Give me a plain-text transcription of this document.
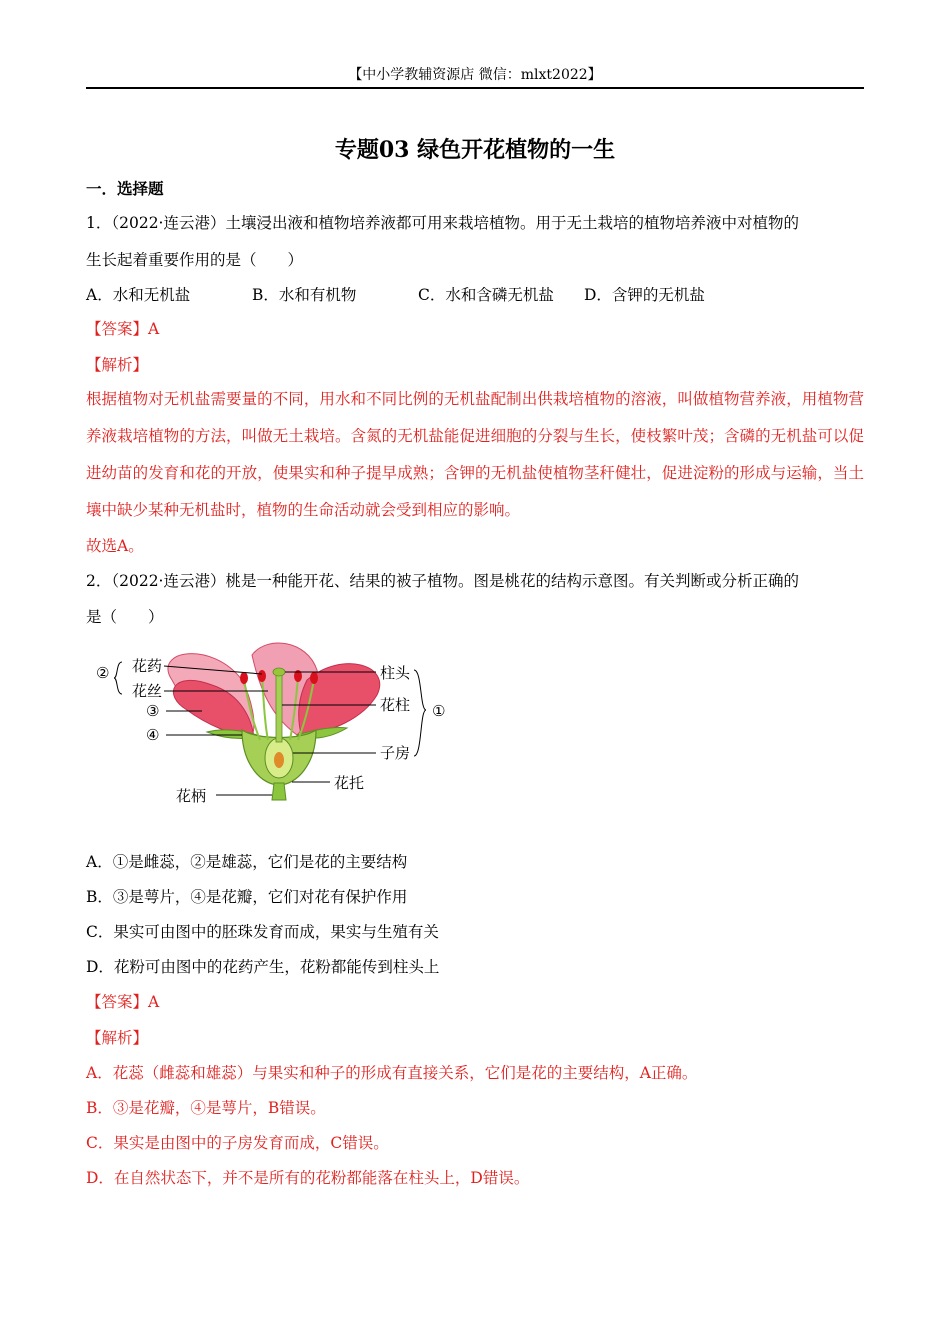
【中小学教辅资源店 微信：mlxt2022】
专题03 绿色开花植物的一生
一．选择题
1．（2022·连云港）土壤浸出液和植物培养液都可用来栽培植物。用于无土栽培的植物培养液中对植物的
生长起着重要作用的是（　　）
A．水和无机盐	B．水和有机物	C．水和含磷无机盐 D．含钾的无机盐
【答案】A
【解析】
根据植物对无机盐需要量的不同，用水和不同比例的无机盐配制出供栽培植物的溶液，叫做植物营养液，用植物营养液栽培植物的方法，叫做无土栽培。含氮的无机盐能促进细胞的分裂与生长，使枝繁叶茂；含磷的无机盐可以促进幼苗的发育和花的开放，使果实和种子提早成熟；含钾的无机盐使植物茎秆健壮，促进淀粉的形成与运输，当土壤中缺少某种无机盐时，植物的生命活动就会受到相应的影响。
故选A。
2．（2022·连云港）桃是一种能开花、结果的被子植物。图是桃花的结构示意图。有关判断或分析正确的
是（　　）
② 花药
花丝
③
④
花柄
柱头
花柱
子房
花托
①
A．①是雌蕊，②是雄蕊，它们是花的主要结构
B．③是萼片，④是花瓣，它们对花有保护作用
C．果实可由图中的胚珠发育而成，果实与生殖有关
D．花粉可由图中的花药产生，花粉都能传到柱头上
【答案】A
【解析】
A．花蕊（雌蕊和雄蕊）与果实和种子的形成有直接关系，它们是花的主要结构，A正确。
B．③是花瓣，④是萼片，B错误。
C．果实是由图中的子房发育而成，C错误。
D．在自然状态下，并不是所有的花粉都能落在柱头上，D错误。
